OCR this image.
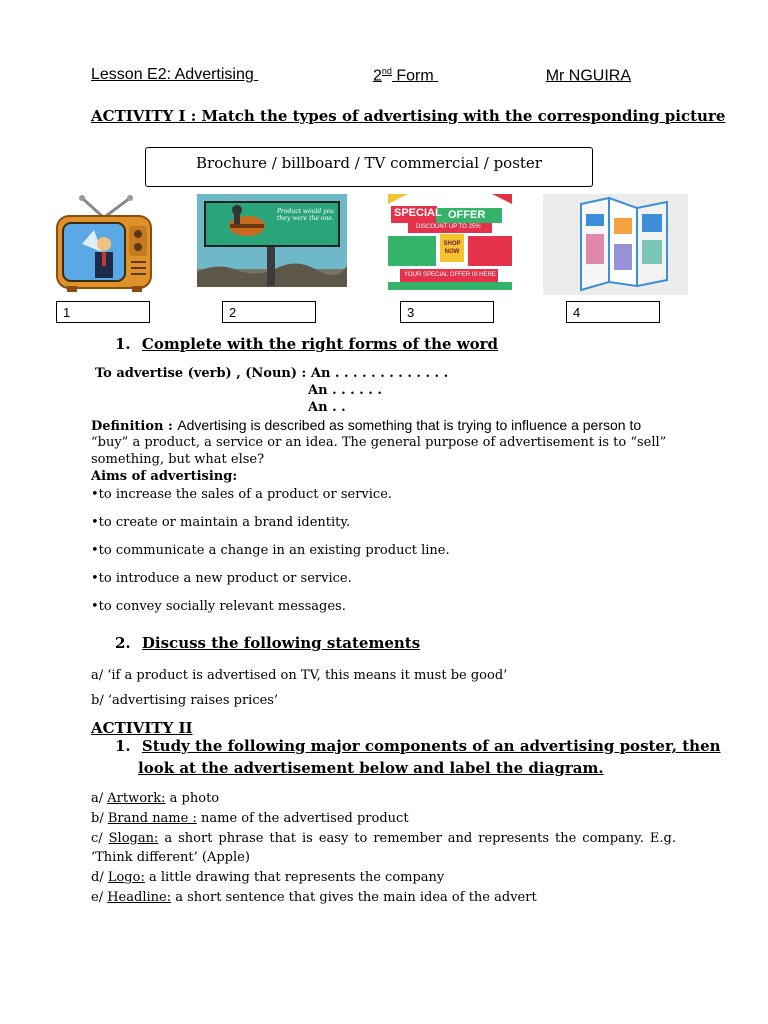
Lesson E2: Advertising	2nd Form	Mr NGUIRA
ACTIVITY I : Match the types of advertising with the corresponding picture
Brochure / billboard / TV commercial / poster
Product would you they were the one.	SPECIAL OFFER
DISCOUNT UP TO 25%
SHOP NOW
YOUR SPECIAL OFFER IS HERE
1	2	3	4
1. Complete with the right forms of the word
To advertise (verb) , (Noun) : An . . . . . . . . . . . . .
An . . . . . .
An . .
Definition : Advertising is described as something that is trying to influence a person to
“buy” a product, a service or an idea. The general purpose of advertisement is to “sell”
something, but what else?
Aims of advertising:
•to increase the sales of a product or service.
•to create or maintain a brand identity.
•to communicate a change in an existing product line.
•to introduce a new product or service.
•to convey socially relevant messages.
2. Discuss the following statements
a/ ‘if a product is advertised on TV, this means it must be good’
b/ ‘advertising raises prices’
ACTIVITY II
1. Study the following major components of an advertising poster, then
look at the advertisement below and label the diagram.
a/ Artwork: a photo
b/ Brand name : name of the advertised product
c/ Slogan: a short phrase that is easy to remember and represents the company. E.g.
‘Think different’ (Apple)
d/ Logo: a little drawing that represents the company
e/ Headline: a short sentence that gives the main idea of the advert
